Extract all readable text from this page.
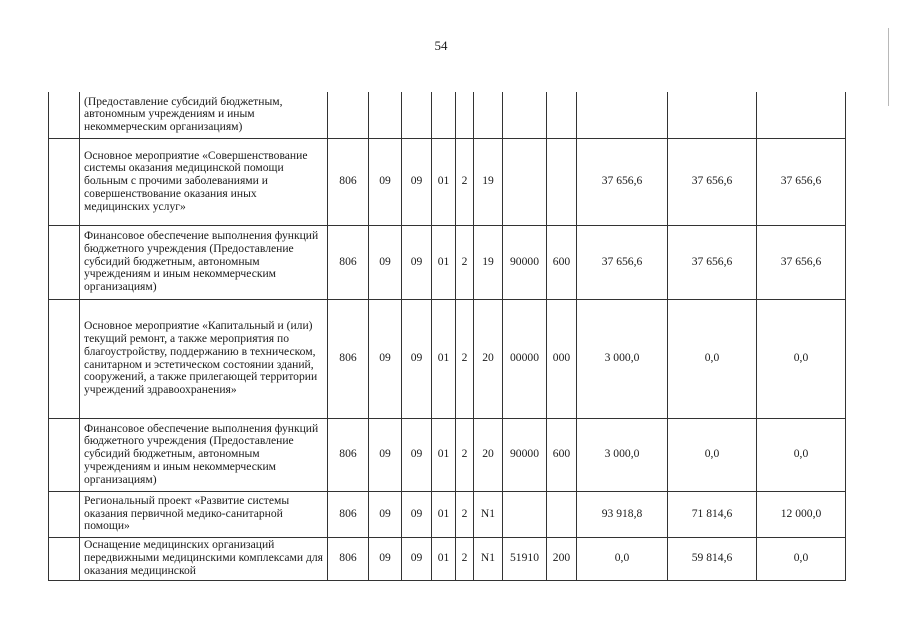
54
	(Предоставление субсидий бюджетным, автономным учреждениям и иным некоммерческим организациям)											
	Основное мероприятие «Совершенствование системы оказания медицинской помощи больным с прочими заболеваниями и совершенствование оказания иных медицинских услуг»	806	09	09	01	2	19			37 656,6	37 656,6	37 656,6
	Финансовое обеспечение выполнения функций бюджетного учреждения (Предоставление субсидий бюджетным, автономным учреждениям и иным некоммерческим организациям)	806	09	09	01	2	19	90000	600	37 656,6	37 656,6	37 656,6
	Основное мероприятие «Капитальный и (или) текущий ремонт, а также мероприятия по благоустройству, поддержанию в техническом, санитарном и эстетическом состоянии зданий, сооружений, а также прилегающей территории учреждений здравоохранения»	806	09	09	01	2	20	00000	000	3 000,0	0,0	0,0
	Финансовое обеспечение выполнения функций бюджетного учреждения (Предоставление субсидий бюджетным, автономным учреждениям и иным некоммерческим организациям)	806	09	09	01	2	20	90000	600	3 000,0	0,0	0,0
	Региональный проект «Развитие системы оказания первичной медико-санитарной помощи»	806	09	09	01	2	N1			93 918,8	71 814,6	12 000,0
	Оснащение медицинских организаций передвижными медицинскими комплексами для оказания медицинской	806	09	09	01	2	N1	51910	200	0,0	59 814,6	0,0
